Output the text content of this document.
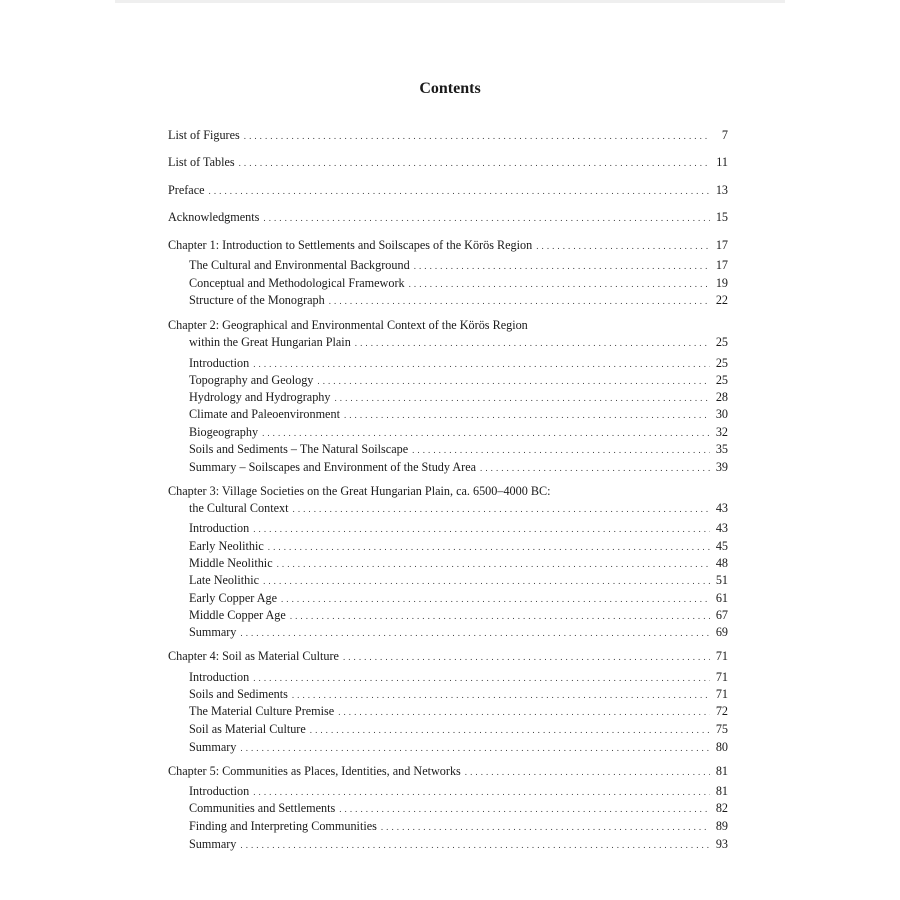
Contents
List of Figures . . .	7
List of Tables . . .	11
Preface . . .	13
Acknowledgments . . .	15
Chapter 1: Introduction to Settlements and Soilscapes of the Körös Region . . .	17
The Cultural and Environmental Background . . .	17
Conceptual and Methodological Framework . . .	19
Structure of the Monograph . . .	22
Chapter 2: Geographical and Environmental Context of the Körös Region
within the Great Hungarian Plain . . .	25
Introduction . . .	25
Topography and Geology . . .	25
Hydrology and Hydrography . . .	28
Climate and Paleoenvironment . . .	30
Biogeography . . .	32
Soils and Sediments – The Natural Soilscape . . .	35
Summary – Soilscapes and Environment of the Study Area . . .	39
Chapter 3: Village Societies on the Great Hungarian Plain, ca. 6500–4000 BC:
the Cultural Context . . .	43
Introduction . . .	43
Early Neolithic . . .	45
Middle Neolithic . . .	48
Late Neolithic . . .	51
Early Copper Age . . .	61
Middle Copper Age . . .	67
Summary . . .	69
Chapter 4: Soil as Material Culture . . .	71
Introduction . . .	71
Soils and Sediments . . .	71
The Material Culture Premise . . .	72
Soil as Material Culture . . .	75
Summary . . .	80
Chapter 5: Communities as Places, Identities, and Networks . . .	81
Introduction . . .	81
Communities and Settlements . . .	82
Finding and Interpreting Communities . . .	89
Summary . . .	93
